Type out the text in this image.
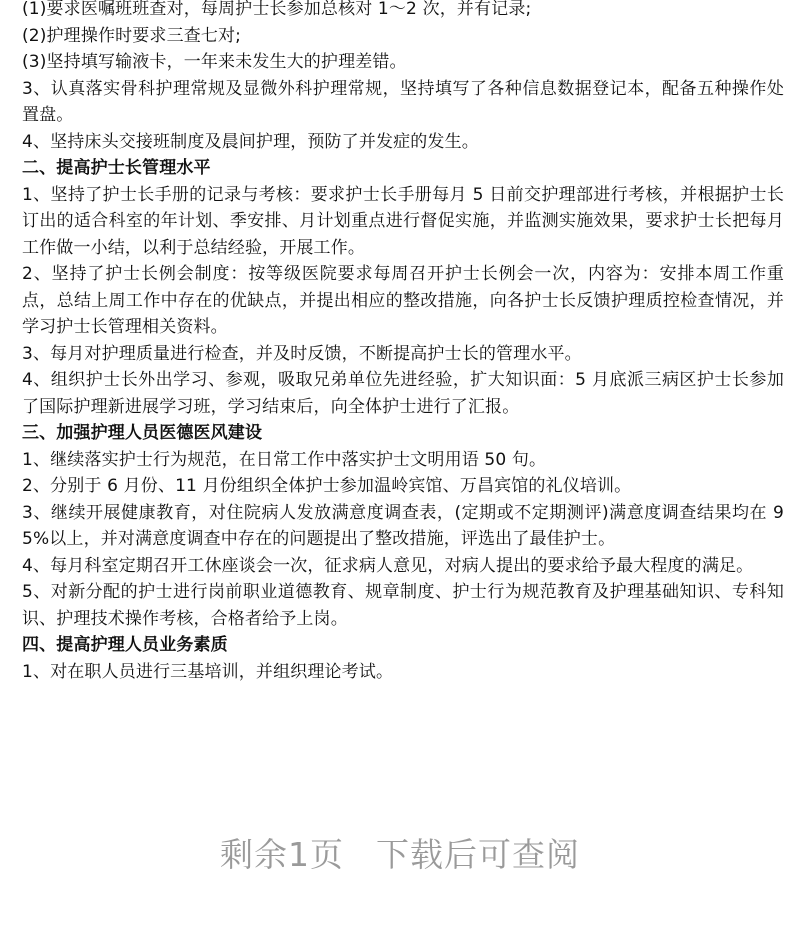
(1)要求医嘱班班查对，每周护士长参加总核对 1～2 次，并有记录;

(2)护理操作时要求三查七对;

(3)坚持填写输液卡，一年来未发生大的护理差错。

3、认真落实骨科护理常规及显微外科护理常规，坚持填写了各种信息数据登记本，配备五种操作处置盘。

4、坚持床头交接班制度及晨间护理，预防了并发症的发生。

二、提高护士长管理水平

1、坚持了护士长手册的记录与考核：要求护士长手册每月 5 日前交护理部进行考核，并根据护士长订出的适合科室的年计划、季安排、月计划重点进行督促实施，并监测实施效果，要求护士长把每月工作做一小结，以利于总结经验，开展工作。

2、坚持了护士长例会制度：按等级医院要求每周召开护士长例会一次，内容为：安排本周工作重点，总结上周工作中存在的优缺点，并提出相应的整改措施，向各护士长反馈护理质控检查情况，并学习护士长管理相关资料。

3、每月对护理质量进行检查，并及时反馈，不断提高护士长的管理水平。

4、组织护士长外出学习、参观，吸取兄弟单位先进经验，扩大知识面：5 月底派三病区护士长参加了国际护理新进展学习班，学习结束后，向全体护士进行了汇报。

三、加强护理人员医德医风建设

1、继续落实护士行为规范，在日常工作中落实护士文明用语 50 句。

2、分别于 6 月份、11 月份组织全体护士参加温岭宾馆、万昌宾馆的礼仪培训。

3、继续开展健康教育，对住院病人发放满意度调查表，(定期或不定期测评)满意度调查结果均在 95%以上，并对满意度调查中存在的问题提出了整改措施，评选出了最佳护士。

4、每月科室定期召开工休座谈会一次，征求病人意见，对病人提出的要求给予最大程度的满足。

5、对新分配的护士进行岗前职业道德教育、规章制度、护士行为规范教育及护理基础知识、专科知识、护理技术操作考核，合格者给予上岗。

四、提高护理人员业务素质

1、对在职人员进行三基培训，并组织理论考试。

剩余1页 下载后可查阅
